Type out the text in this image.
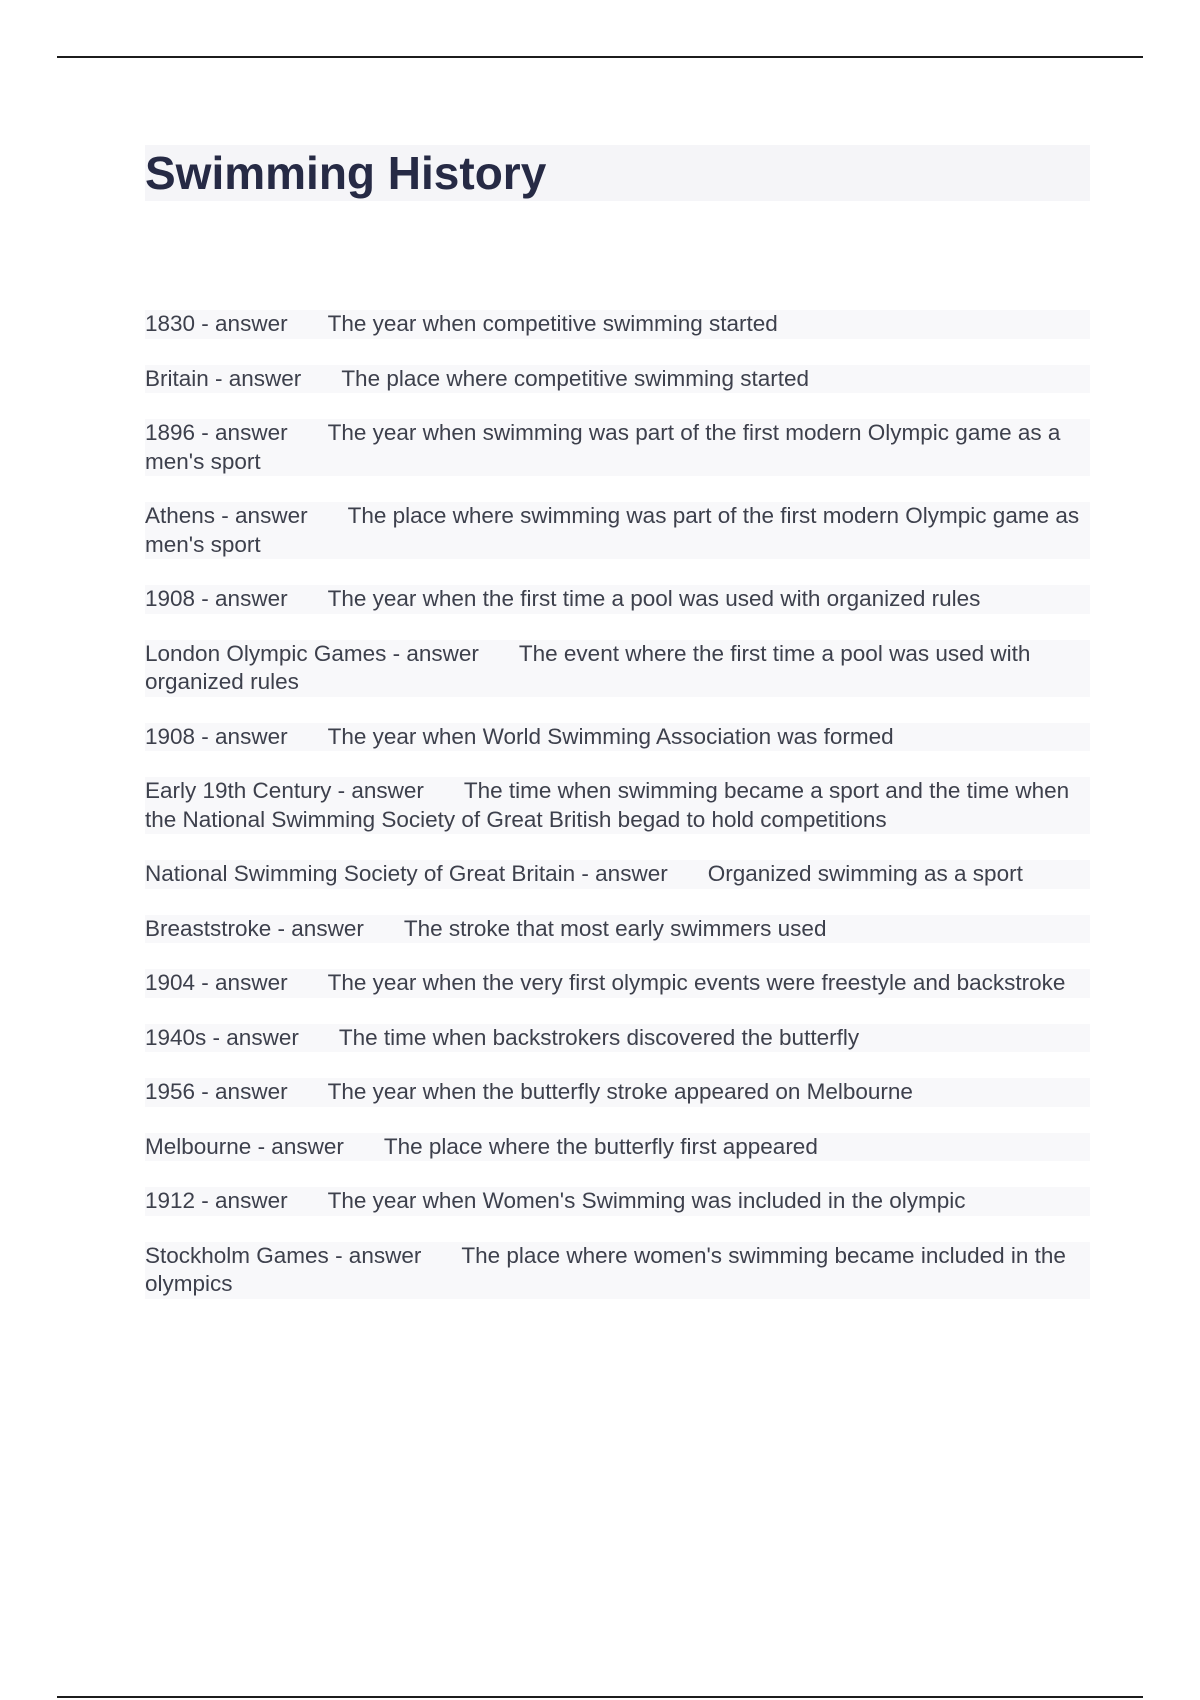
Swimming History

1830 - answer The year when competitive swimming started

Britain - answer The place where competitive swimming started

1896 - answer The year when swimming was part of the first modern Olympic game as a men's sport

Athens - answer The place where swimming was part of the first modern Olympic game as men's sport

1908 - answer The year when the first time a pool was used with organized rules

London Olympic Games - answer The event where the first time a pool was used with organized rules

1908 - answer The year when World Swimming Association was formed

Early 19th Century - answer The time when swimming became a sport and the time when the National Swimming Society of Great British begad to hold competitions

National Swimming Society of Great Britain - answer Organized swimming as a sport

Breaststroke - answer The stroke that most early swimmers used

1904 - answer The year when the very first olympic events were freestyle and backstroke

1940s - answer The time when backstrokers discovered the butterfly

1956 - answer The year when the butterfly stroke appeared on Melbourne

Melbourne - answer The place where the butterfly first appeared

1912 - answer The year when Women's Swimming was included in the olympic

Stockholm Games - answer The place where women's swimming became included in the olympics
